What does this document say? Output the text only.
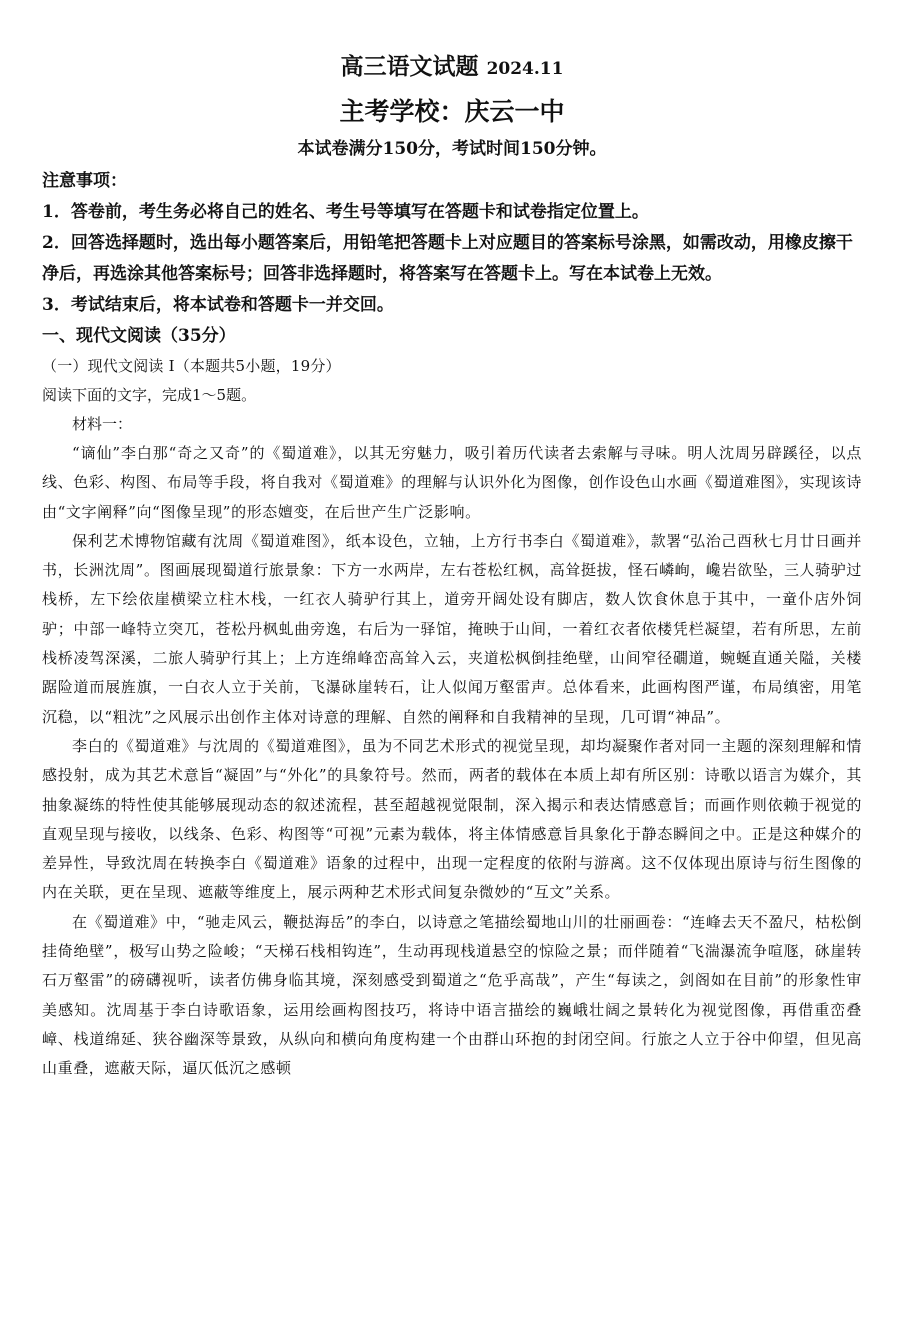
高三语文试题 2024.11
主考学校：庆云一中
本试卷满分150分，考试时间150分钟。
注意事项：
1．答卷前，考生务必将自己的姓名、考生号等填写在答题卡和试卷指定位置上。
2．回答选择题时，选出每小题答案后，用铅笔把答题卡上对应题目的答案标号涂黑，如需改动，用橡皮擦干净后，再选涂其他答案标号；回答非选择题时，将答案写在答题卡上。写在本试卷上无效。
3．考试结束后，将本试卷和答题卡一并交回。
一、现代文阅读（35分）
（一）现代文阅读 I（本题共5小题，19分）
阅读下面的文字，完成1～5题。
材料一：

“谪仙”李白那“奇之又奇”的《蜀道难》，以其无穷魅力，吸引着历代读者去索解与寻味。明人沈周另辟蹊径，以点线、色彩、构图、布局等手段，将自我对《蜀道难》的理解与认识外化为图像，创作设色山水画《蜀道难图》，实现该诗由“文字阐释”向“图像呈现”的形态嬗变，在后世产生广泛影响。

保利艺术博物馆藏有沈周《蜀道难图》，纸本设色，立轴，上方行书李白《蜀道难》，款署“弘治己酉秋七月廿日画并书，长洲沈周”。图画展现蜀道行旅景象：下方一水两岸，左右苍松红枫，高耸挺拔，怪石嶙峋，巉岩欲坠，三人骑驴过栈桥，左下绘依崖横梁立柱木栈，一红衣人骑驴行其上，道旁开阔处设有脚店，数人饮食休息于其中，一童仆店外饲驴；中部一峰特立突兀，苍松丹枫虬曲旁逸，右后为一驿馆，掩映于山间，一着红衣者依楼凭栏凝望，若有所思，左前栈桥凌驾深溪，二旅人骑驴行其上；上方连绵峰峦高耸入云，夹道松枫倒挂绝壁，山间窄径礀道，蜿蜒直通关隘，关楼踞险道而展旌旗，一白衣人立于关前，飞瀑砯崖转石，让人似闻万壑雷声。总体看来，此画构图严谨，布局缜密，用笔沉稳，以“粗沈”之风展示出创作主体对诗意的理解、自然的阐释和自我精神的呈现，几可谓“神品”。

李白的《蜀道难》与沈周的《蜀道难图》，虽为不同艺术形式的视觉呈现，却均凝聚作者对同一主题的深刻理解和情感投射，成为其艺术意旨“凝固”与“外化”的具象符号。然而，两者的载体在本质上却有所区别：诗歌以语言为媒介，其抽象凝练的特性使其能够展现动态的叙述流程，甚至超越视觉限制，深入揭示和表达情感意旨；而画作则依赖于视觉的直观呈现与接收，以线条、色彩、构图等“可视”元素为载体，将主体情感意旨具象化于静态瞬间之中。正是这种媒介的差异性，导致沈周在转换李白《蜀道难》语象的过程中，出现一定程度的依附与游离。这不仅体现出原诗与衍生图像的内在关联，更在呈现、遮蔽等维度上，展示两种艺术形式间复杂微妙的“互文”关系。

在《蜀道难》中，“驰走风云，鞭挞海岳”的李白，以诗意之笔描绘蜀地山川的壮丽画卷：“连峰去天不盈尺，枯松倒挂倚绝壁”，极写山势之险峻；“天梯石栈相钩连”，生动再现栈道悬空的惊险之景；而伴随着“飞湍瀑流争喧豗，砯崖转石万壑雷”的磅礴视听，读者仿佛身临其境，深刻感受到蜀道之“危乎高哉”，产生“每读之，剑阁如在目前”的形象性审美感知。沈周基于李白诗歌语象，运用绘画构图技巧，将诗中语言描绘的巍峨壮阔之景转化为视觉图像，再借重峦叠嶂、栈道绵延、狭谷幽深等景致，从纵向和横向角度构建一个由群山环抱的封闭空间。行旅之人立于谷中仰望，但见高山重叠，遮蔽天际，逼仄低沉之感顿
